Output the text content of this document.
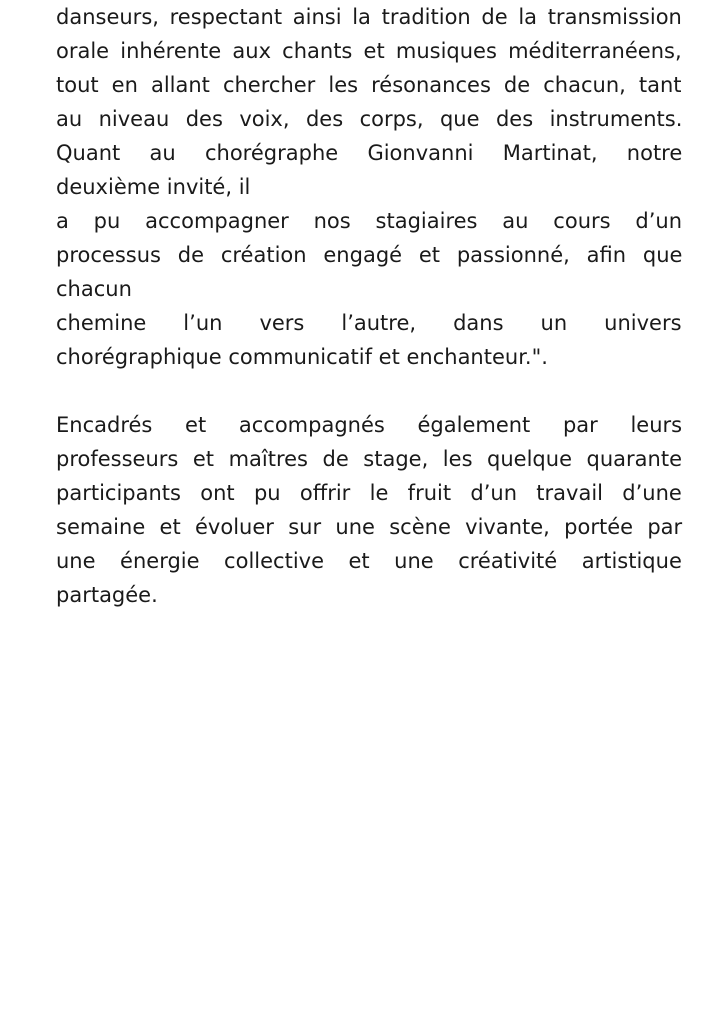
danseurs, respectant ainsi la tradition de la transmission
orale inhérente aux chants et musiques méditerranéens,
tout en allant chercher les résonances de chacun, tant
au niveau des voix, des corps, que des instruments.
Quant au chorégraphe Gionvanni Martinat, notre
deuxième invité, il
a pu accompagner nos stagiaires au cours d’un
processus de création engagé et passionné, afin que
chacun
chemine l’un vers l’autre, dans un univers
chorégraphique communicatif et enchanteur.".
Encadrés et accompagnés également par leurs
professeurs et maîtres de stage, les quelque quarante
participants ont pu offrir le fruit d’un travail d’une
semaine et évoluer sur une scène vivante, portée par
une énergie collective et une créativité artistique
partagée.
